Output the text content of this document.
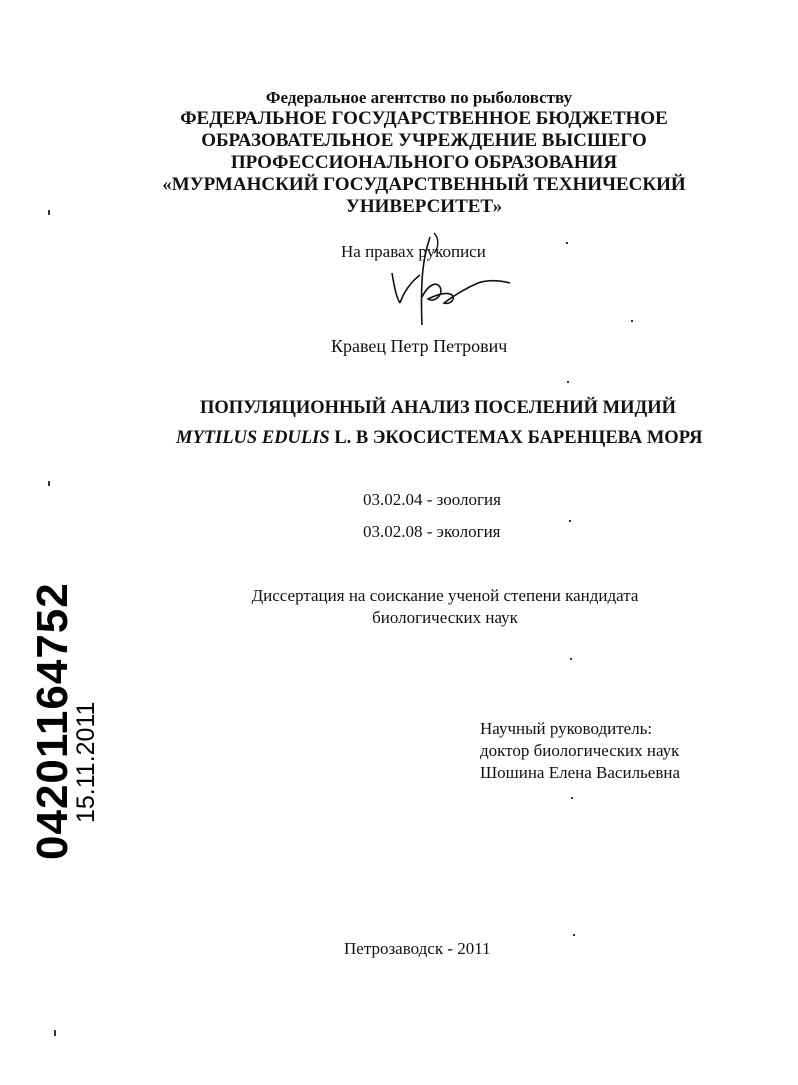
Федеральное агентство по рыболовству
ФЕДЕРАЛЬНОЕ ГОСУДАРСТВЕННОЕ БЮДЖЕТНОЕ
ОБРАЗОВАТЕЛЬНОЕ УЧРЕЖДЕНИЕ ВЫСШЕГО
ПРОФЕССИОНАЛЬНОГО ОБРАЗОВАНИЯ
«МУРМАНСКИЙ ГОСУДАРСТВЕННЫЙ ТЕХНИЧЕСКИЙ
УНИВЕРСИТЕТ»
На правах рукописи
Кравец Петр Петрович
ПОПУЛЯЦИОННЫЙ АНАЛИЗ ПОСЕЛЕНИЙ МИДИЙ
MYTILUS EDULIS L. В ЭКОСИСТЕМАХ БАРЕНЦЕВА МОРЯ
03.02.04 - зоология
03.02.08 - экология
Диссертация на соискание ученой степени кандидата
биологических наук
Научный руководитель:
доктор биологических наук
Шошина Елена Васильевна
Петрозаводск - 2011
04201164752
15.11.2011
